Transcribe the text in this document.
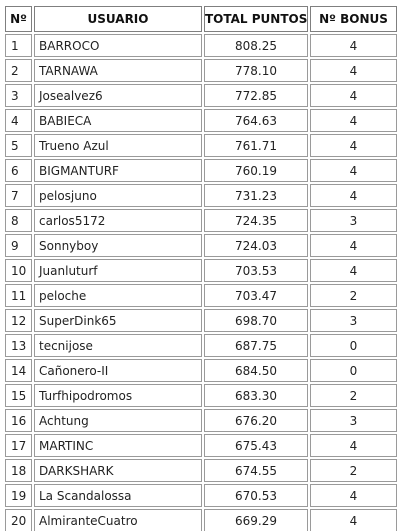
Nº	USUARIO	TOTAL PUNTOS	Nº BONUS
1	BARROCO	808.25	4
2	TARNAWA	778.10	4
3	Josealvez6	772.85	4
4	BABIECA	764.63	4
5	Trueno Azul	761.71	4
6	BIGMANTURF	760.19	4
7	pelosjuno	731.23	4
8	carlos5172	724.35	3
9	Sonnyboy	724.03	4
10	Juanluturf	703.53	4
11	peloche	703.47	2
12	SuperDink65	698.70	3
13	tecnijose	687.75	0
14	Cañonero-II	684.50	0
15	Turfhipodromos	683.30	2
16	Achtung	676.20	3
17	MARTINC	675.43	4
18	DARKSHARK	674.55	2
19	La Scandalossa	670.53	4
20	AlmiranteCuatro	669.29	4
